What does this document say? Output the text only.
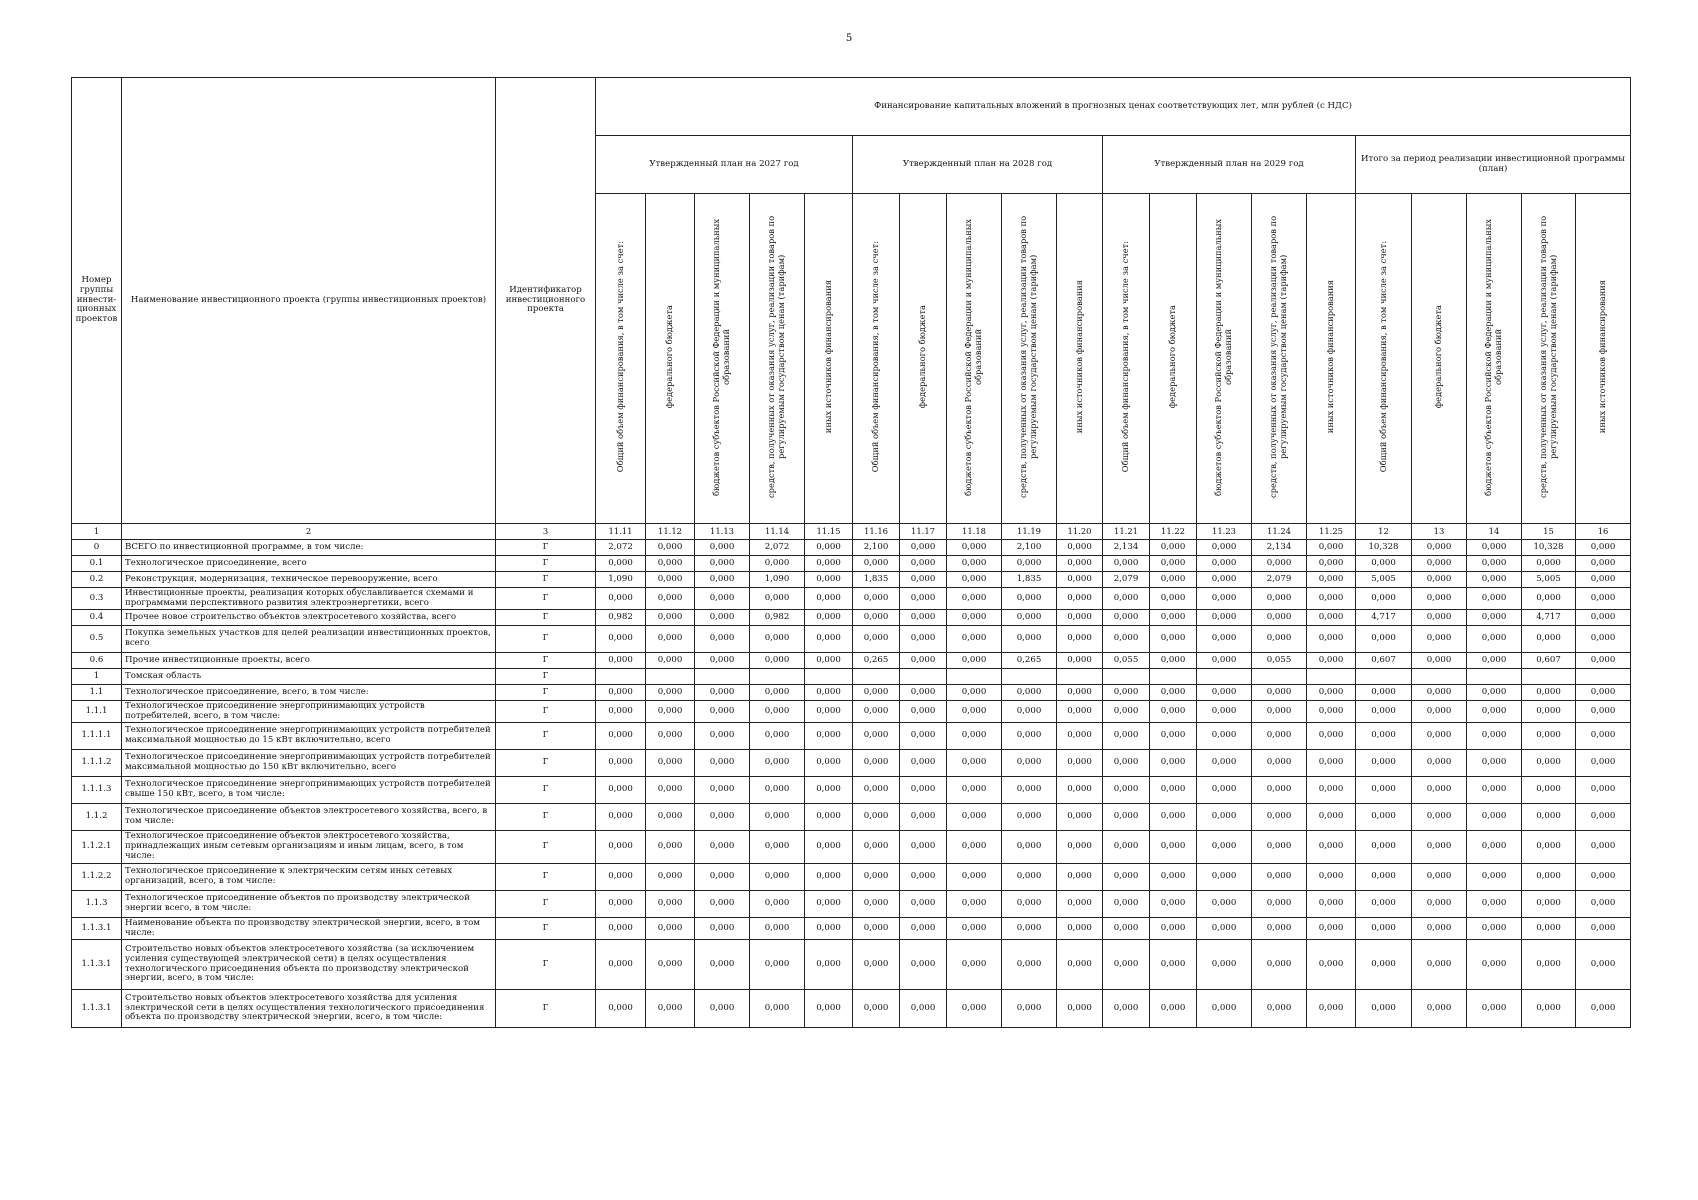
5
Номер группы инвести-ционных проектов	Наименование инвестиционного проекта (группы инвестиционных проектов)	Идентификатор инвестиционного проекта	Финансирование капитальных вложений в прогнозных ценах соответствующих лет, млн рублей (с НДС)																			
			Утвержденный план на 2027 год					Утвержденный план на 2028 год					Утвержденный план на 2029 год					Итого за период реализации инвестиционной программы (план)				
			Общий объем финансирования, в том числе за счет:	федерального бюджета	бюджетов субъектов Российской Федерации и муниципальных образований	средств, полученных от оказания услуг, реализации товаров по регулируемым государством ценам (тарифам)	иных источников финансирования	Общий объем финансирования, в том числе за счет:	федерального бюджета	бюджетов субъектов Российской Федерации и муниципальных образований	средств, полученных от оказания услуг, реализации товаров по регулируемым государством ценам (тарифам)	иных источников финансирования	Общий объем финансирования, в том числе за счет:	федерального бюджета	бюджетов субъектов Российской Федерации и муниципальных образований	средств, полученных от оказания услуг, реализации товаров по регулируемым государством ценам (тарифам)	иных источников финансирования	Общий объем финансирования, в том числе за счет:	федерального бюджета	бюджетов субъектов Российской Федерации и муниципальных образований	средств, полученных от оказания услуг, реализации товаров по регулируемым государством ценам (тарифам)	иных источников финансирования
1	2	3	11.11	11.12	11.13	11.14	11.15	11.16	11.17	11.18	11.19	11.20	11.21	11.22	11.23	11.24	11.25	12	13	14	15	16
0	ВСЕГО по инвестиционной программе, в том числе:	Г	2,072	0,000	0,000	2,072	0,000	2,100	0,000	0,000	2,100	0,000	2,134	0,000	0,000	2,134	0,000	10,328	0,000	0,000	10,328	0,000
0.1	Технологическое присоединение, всего	Г	0,000	0,000	0,000	0,000	0,000	0,000	0,000	0,000	0,000	0,000	0,000	0,000	0,000	0,000	0,000	0,000	0,000	0,000	0,000	0,000
0.2	Реконструкция, модернизация, техническое перевооружение, всего	Г	1,090	0,000	0,000	1,090	0,000	1,835	0,000	0,000	1,835	0,000	2,079	0,000	0,000	2,079	0,000	5,005	0,000	0,000	5,005	0,000
0.3	Инвестиционные проекты, реализация которых обуславливается схемами и программами перспективного развития электроэнергетики, всего	Г	0,000	0,000	0,000	0,000	0,000	0,000	0,000	0,000	0,000	0,000	0,000	0,000	0,000	0,000	0,000	0,000	0,000	0,000	0,000	0,000
0.4	Прочее новое строительство объектов электросетевого хозяйства, всего	Г	0,982	0,000	0,000	0,982	0,000	0,000	0,000	0,000	0,000	0,000	0,000	0,000	0,000	0,000	0,000	4,717	0,000	0,000	4,717	0,000
0.5	Покупка земельных участков для целей реализации инвестиционных проектов, всего	Г	0,000	0,000	0,000	0,000	0,000	0,000	0,000	0,000	0,000	0,000	0,000	0,000	0,000	0,000	0,000	0,000	0,000	0,000	0,000	0,000
0.6	Прочие инвестиционные проекты, всего	Г	0,000	0,000	0,000	0,000	0,000	0,265	0,000	0,000	0,265	0,000	0,055	0,000	0,000	0,055	0,000	0,607	0,000	0,000	0,607	0,000
1	Томская область	Г																				
1.1	Технологическое присоединение, всего, в том числе:	Г	0,000	0,000	0,000	0,000	0,000	0,000	0,000	0,000	0,000	0,000	0,000	0,000	0,000	0,000	0,000	0,000	0,000	0,000	0,000	0,000
1.1.1	Технологическое присоединение энергопринимающих устройств потребителей, всего, в том числе:	Г	0,000	0,000	0,000	0,000	0,000	0,000	0,000	0,000	0,000	0,000	0,000	0,000	0,000	0,000	0,000	0,000	0,000	0,000	0,000	0,000
1.1.1.1	Технологическое присоединение энергопринимающих устройств потребителей максимальной мощностью до 15 кВт включительно, всего	Г	0,000	0,000	0,000	0,000	0,000	0,000	0,000	0,000	0,000	0,000	0,000	0,000	0,000	0,000	0,000	0,000	0,000	0,000	0,000	0,000
1.1.1.2	Технологическое присоединение энергопринимающих устройств потребителей максимальной мощностью до 150 кВт включительно, всего	Г	0,000	0,000	0,000	0,000	0,000	0,000	0,000	0,000	0,000	0,000	0,000	0,000	0,000	0,000	0,000	0,000	0,000	0,000	0,000	0,000
1.1.1.3	Технологическое присоединение энергопринимающих устройств потребителей свыше 150 кВт, всего, в том числе:	Г	0,000	0,000	0,000	0,000	0,000	0,000	0,000	0,000	0,000	0,000	0,000	0,000	0,000	0,000	0,000	0,000	0,000	0,000	0,000	0,000
1.1.2	Технологическое присоединение объектов электросетевого хозяйства, всего, в том числе:	Г	0,000	0,000	0,000	0,000	0,000	0,000	0,000	0,000	0,000	0,000	0,000	0,000	0,000	0,000	0,000	0,000	0,000	0,000	0,000	0,000
1.1.2.1	Технологическое присоединение объектов электросетевого хозяйства, принадлежащих иным сетевым организациям и иным лицам, всего, в том числе:	Г	0,000	0,000	0,000	0,000	0,000	0,000	0,000	0,000	0,000	0,000	0,000	0,000	0,000	0,000	0,000	0,000	0,000	0,000	0,000	0,000
1.1.2.2	Технологическое присоединение к электрическим сетям иных сетевых организаций, всего, в том числе:	Г	0,000	0,000	0,000	0,000	0,000	0,000	0,000	0,000	0,000	0,000	0,000	0,000	0,000	0,000	0,000	0,000	0,000	0,000	0,000	0,000
1.1.3	Технологическое присоединение объектов по производству электрической энергии всего, в том числе:	Г	0,000	0,000	0,000	0,000	0,000	0,000	0,000	0,000	0,000	0,000	0,000	0,000	0,000	0,000	0,000	0,000	0,000	0,000	0,000	0,000
1.1.3.1	Наименование объекта по производству электрической энергии, всего, в том числе:	Г	0,000	0,000	0,000	0,000	0,000	0,000	0,000	0,000	0,000	0,000	0,000	0,000	0,000	0,000	0,000	0,000	0,000	0,000	0,000	0,000
1.1.3.1	Строительство новых объектов электросетевого хозяйства (за исключением усиления существующей электрической сети) в целях осуществления технологического присоединения объекта по производству электрической энергии, всего, в том числе:	Г	0,000	0,000	0,000	0,000	0,000	0,000	0,000	0,000	0,000	0,000	0,000	0,000	0,000	0,000	0,000	0,000	0,000	0,000	0,000	0,000
1.1.3.1	Строительство новых объектов электросетевого хозяйства для усиления электрической сети в целях осуществления технологического присоединения объекта по производству электрической энергии, всего, в том числе:	Г	0,000	0,000	0,000	0,000	0,000	0,000	0,000	0,000	0,000	0,000	0,000	0,000	0,000	0,000	0,000	0,000	0,000	0,000	0,000	0,000
